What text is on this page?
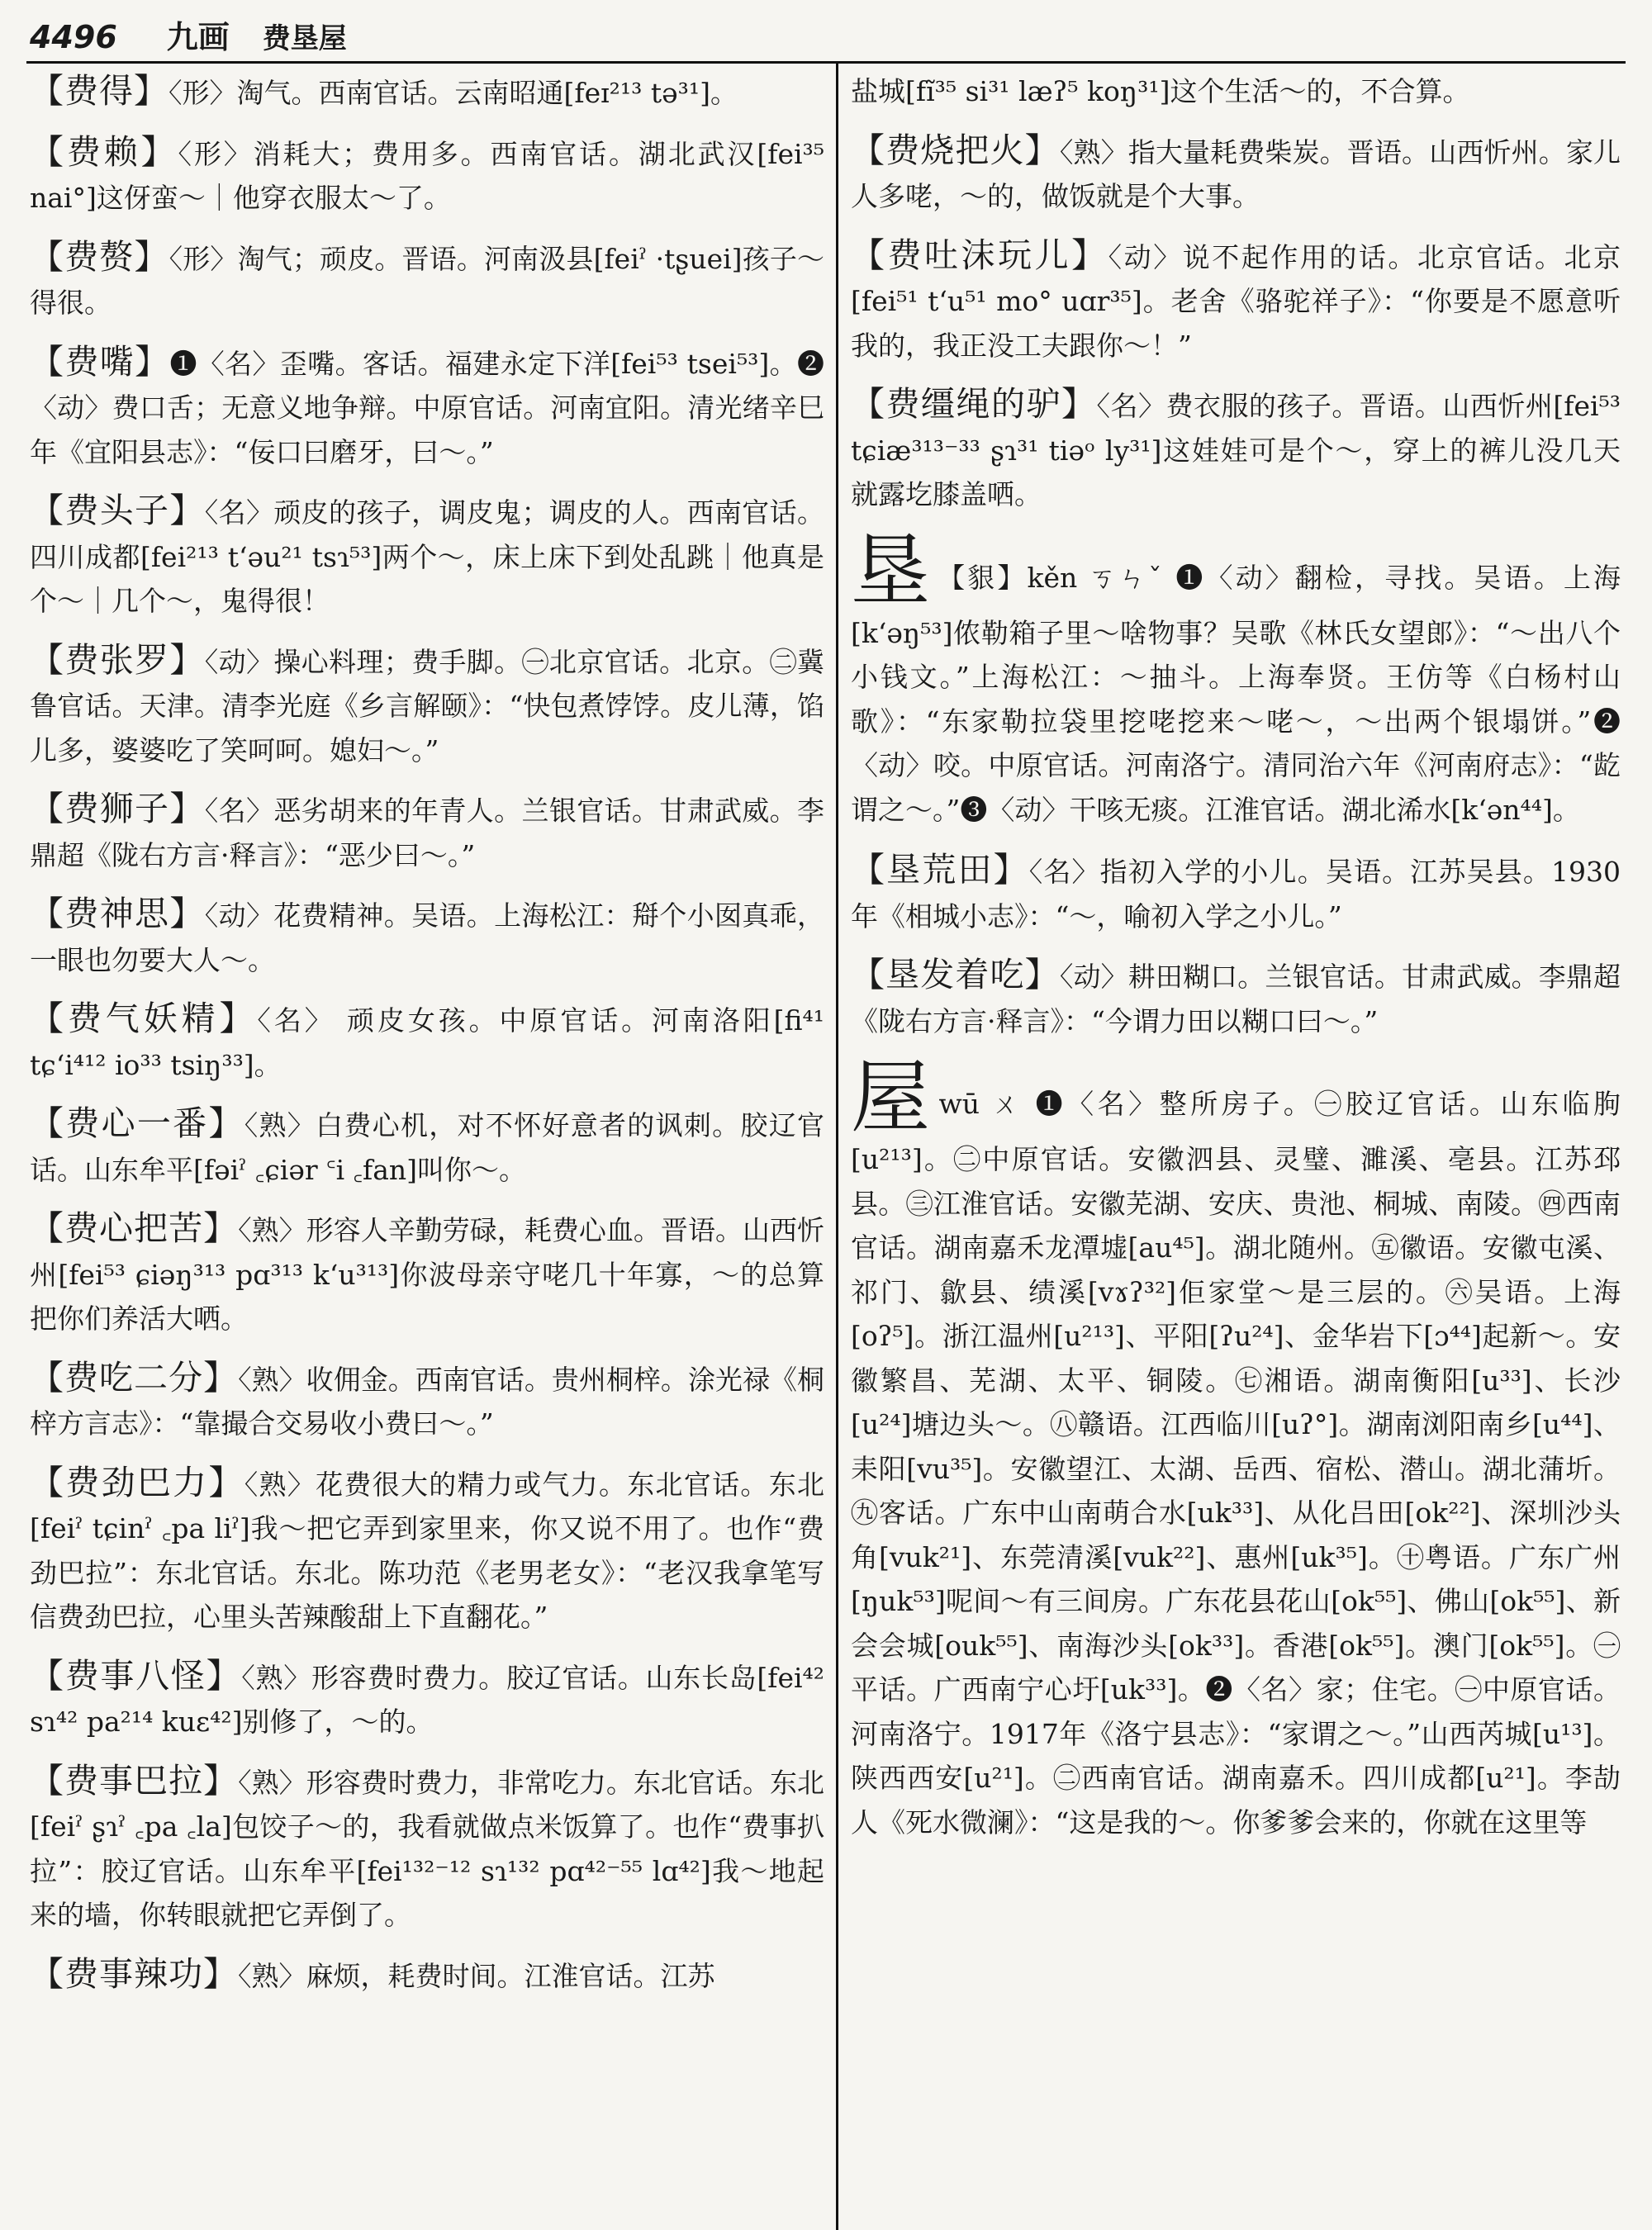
4496 九画 费垦屋
【费得】〈形〉淘气。西南官话。云南昭通[feɪ²¹³ tə³¹]。
【费赖】〈形〉消耗大；费用多。西南官话。湖北武汉[fei³⁵ nai°]这伢蛮～｜他穿衣服太～了。
【费赘】〈形〉淘气；顽皮。晋语。河南汲县[feiˀ ·tʂuei]孩子～得很。
【费嘴】❶〈名〉歪嘴。客话。福建永定下洋[fei⁵³ tsei⁵³]。❷〈动〉费口舌；无意义地争辩。中原官话。河南宜阳。清光绪辛巳年《宜阳县志》：“佞口曰磨牙，曰～。”
【费头子】〈名〉顽皮的孩子，调皮鬼；调皮的人。西南官话。四川成都[fei²¹³ t‘əu²¹ tsɿ⁵³]两个～，床上床下到处乱跳｜他真是个～｜几个～，鬼得很！
【费张罗】〈动〉操心料理；费手脚。㊀北京官话。北京。㊁冀鲁官话。天津。清李光庭《乡言解颐》：“快包煮饽饽。皮儿薄，馅儿多，婆婆吃了笑呵呵。媳妇～。”
【费狮子】〈名〉恶劣胡来的年青人。兰银官话。甘肃武威。李鼎超《陇右方言·释言》：“恶少曰～。”
【费神思】〈动〉花费精神。吴语。上海松江：搿个小囡真乖，一眼也勿要大人～。
【费气妖精】〈名〉 顽皮女孩。中原官话。河南洛阳[fi⁴¹ tɕ‘i⁴¹² io³³ tsiŋ³³]。
【费心一番】〈熟〉白费心机，对不怀好意者的讽刺。胶辽官话。山东牟平[fəiˀ ꜀ɕiər ꜂i ꜀fan]叫你～。
【费心把苦】〈熟〉形容人辛勤劳碌，耗费心血。晋语。山西忻州[fei⁵³ ɕiəŋ³¹³ pɑ³¹³ k‘u³¹³]你波母亲守咾几十年寡，～的总算把你们养活大哂。
【费吃二分】〈熟〉收佣金。西南官话。贵州桐梓。涂光禄《桐梓方言志》：“靠撮合交易收小费曰～。”
【费劲巴力】〈熟〉花费很大的精力或气力。东北官话。东北[feiˀ tɕinˀ ꜀pa liˀ]我～把它弄到家里来，你又说不用了。也作“费劲巴拉”：东北官话。东北。陈功范《老男老女》：“老汉我拿笔写信费劲巴拉，心里头苦辣酸甜上下直翻花。”
【费事八怪】〈熟〉形容费时费力。胶辽官话。山东长岛[fei⁴² sɿ⁴² pa²¹⁴ kuɛ⁴²]别修了，～的。
【费事巴拉】〈熟〉形容费时费力，非常吃力。东北官话。东北[feiˀ ʂɿˀ ꜀pa ꜀la]包饺子～的，我看就做点米饭算了。也作“费事扒拉”：胶辽官话。山东牟平[fei¹³²⁻¹² sɿ¹³² pɑ⁴²⁻⁵⁵ lɑ⁴²]我～地起来的墙，你转眼就把它弄倒了。
【费事辣功】〈熟〉麻烦，耗费时间。江淮官话。江苏
盐城[fĩ³⁵ si³¹ læʔ⁵ koŋ³¹]这个生活～的，不合算。
【费烧把火】〈熟〉指大量耗费柴炭。晋语。山西忻州。家儿人多咾，～的，做饭就是个大事。
【费吐沫玩儿】〈动〉说不起作用的话。北京官话。北京[fei⁵¹ t‘u⁵¹ mo° uɑr³⁵]。老舍《骆驼祥子》：“你要是不愿意听我的，我正没工夫跟你～！”
【费缰绳的驴】〈名〉费衣服的孩子。晋语。山西忻州[fei⁵³ tɕiæ³¹³⁻³³ ʂɿ³¹ tiəᵒ ly³¹]这娃娃可是个～，穿上的裤儿没几天就露圪膝盖哂。
垦 【貇】kěn ㄎㄣˇ ❶〈动〉翻检，寻找。吴语。上海[k‘əŋ⁵³]侬勒箱子里～啥物事？吴歌《林氏女望郎》：“～出八个小钱文。”上海松江：～抽斗。上海奉贤。王仿等《白杨村山歌》：“东家勒拉袋里挖咾挖来～咾～，～出两个银塌饼。”❷〈动〉咬。中原官话。河南洛宁。清同治六年《河南府志》：“龁谓之～。”❸〈动〉干咳无痰。江淮官话。湖北浠水[k‘ən⁴⁴]。
【垦荒田】〈名〉指初入学的小儿。吴语。江苏吴县。1930年《相城小志》：“～，喻初入学之小儿。”
【垦发着吃】〈动〉耕田糊口。兰银官话。甘肃武威。李鼎超《陇右方言·释言》：“今谓力田以糊口曰～。”
屋wū ㄨ ❶〈名〉整所房子。㊀胶辽官话。山东临朐[u²¹³]。㊁中原官话。安徽泗县、灵璧、濉溪、亳县。江苏邳县。㊂江淮官话。安徽芜湖、安庆、贵池、桐城、南陵。㊃西南官话。湖南嘉禾龙潭墟[au⁴⁵]。湖北随州。㊄徽语。安徽屯溪、祁门、歙县、绩溪[vɤʔ³²]佢家堂～是三层的。㊅吴语。上海[oʔ⁵]。浙江温州[u²¹³]、平阳[ʔu²⁴]、金华岩下[ɔ⁴⁴]起新～。安徽繁昌、芜湖、太平、铜陵。㊆湘语。湖南衡阳[u³³]、长沙[u²⁴]塘边头～。㊇赣语。江西临川[uʔ°]。湖南浏阳南乡[u⁴⁴]、耒阳[vu³⁵]。安徽望江、太湖、岳西、宿松、潜山。湖北蒲圻。㊈客话。广东中山南萌合水[uk³³]、从化吕田[ok²²]、深圳沙头角[vuk²¹]、东莞清溪[vuk²²]、惠州[uk³⁵]。㊉粤语。广东广州[ŋuk⁵³]呢间～有三间房。广东花县花山[ok⁵⁵]、佛山[ok⁵⁵]、新会会城[ouk⁵⁵]、南海沙头[ok³³]。香港[ok⁵⁵]。澳门[ok⁵⁵]。㊀平话。广西南宁心圩[uk³³]。❷〈名〉家；住宅。㊀中原官话。河南洛宁。1917年《洛宁县志》：“家谓之～。”山西芮城[u¹³]。陕西西安[u²¹]。㊁西南官话。湖南嘉禾。四川成都[u²¹]。李劼人《死水微澜》：“这是我的～。你爹爹会来的，你就在这里等
